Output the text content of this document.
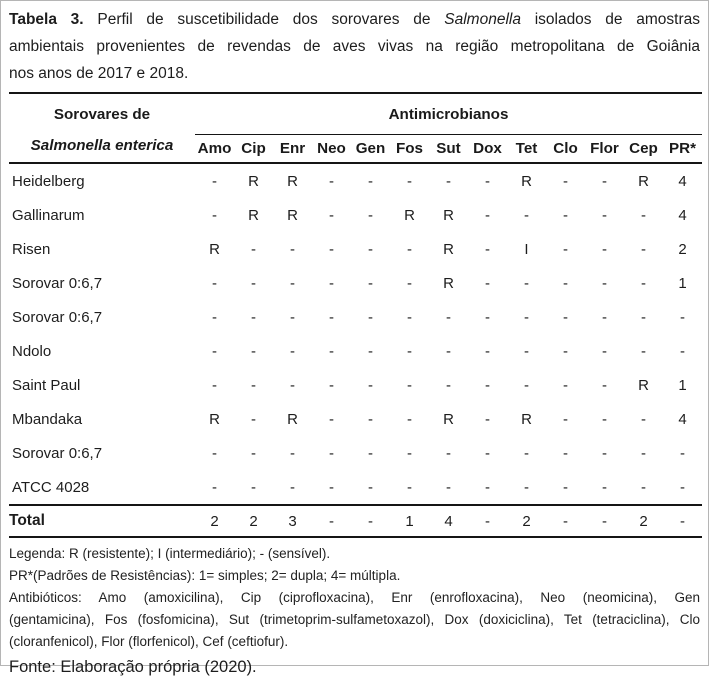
Tabela 3. Perfil de suscetibilidade dos sorovares de Salmonella isolados de amostras
ambientais provenientes de revendas de aves vivas na região metropolitana de Goiânia
nos anos de 2017 e 2018.
Sorovares de
Salmonella enterica	Antimicrobianos												
	Amo	Cip	Enr	Neo	Gen	Fos	Sut	Dox	Tet	Clo	Flor	Cep	PR*
Heidelberg	-	R	R	-	-	-	-	-	R	-	-	R	4
Gallinarum	-	R	R	-	-	R	R	-	-	-	-	-	4
Risen	R	-	-	-	-	-	R	-	I	-	-	-	2
Sorovar 0:6,7	-	-	-	-	-	-	R	-	-	-	-	-	1
Sorovar 0:6,7	-	-	-	-	-	-	-	-	-	-	-	-	-
Ndolo	-	-	-	-	-	-	-	-	-	-	-	-	-
Saint Paul	-	-	-	-	-	-	-	-	-	-	-	R	1
Mbandaka	R	-	R	-	-	-	R	-	R	-	-	-	4
Sorovar 0:6,7	-	-	-	-	-	-	-	-	-	-	-	-	-
ATCC 4028	-	-	-	-	-	-	-	-	-	-	-	-	-
Total	2	2	3	-	-	1	4	-	2	-	-	2	-
Legenda: R (resistente); I (intermediário); - (sensível).
PR*(Padrões de Resistências): 1= simples; 2= dupla; 4= múltipla.
Antibióticos: Amo (amoxicilina), Cip (ciprofloxacina), Enr (enrofloxacina), Neo (neomicina), Gen
(gentamicina), Fos (fosfomicina), Sut (trimetoprim-sulfametoxazol), Dox (doxiciclina), Tet (tetraciclina), Clo
(cloranfenicol), Flor (florfenicol), Cef (ceftiofur).
Fonte: Elaboração própria (2020).
